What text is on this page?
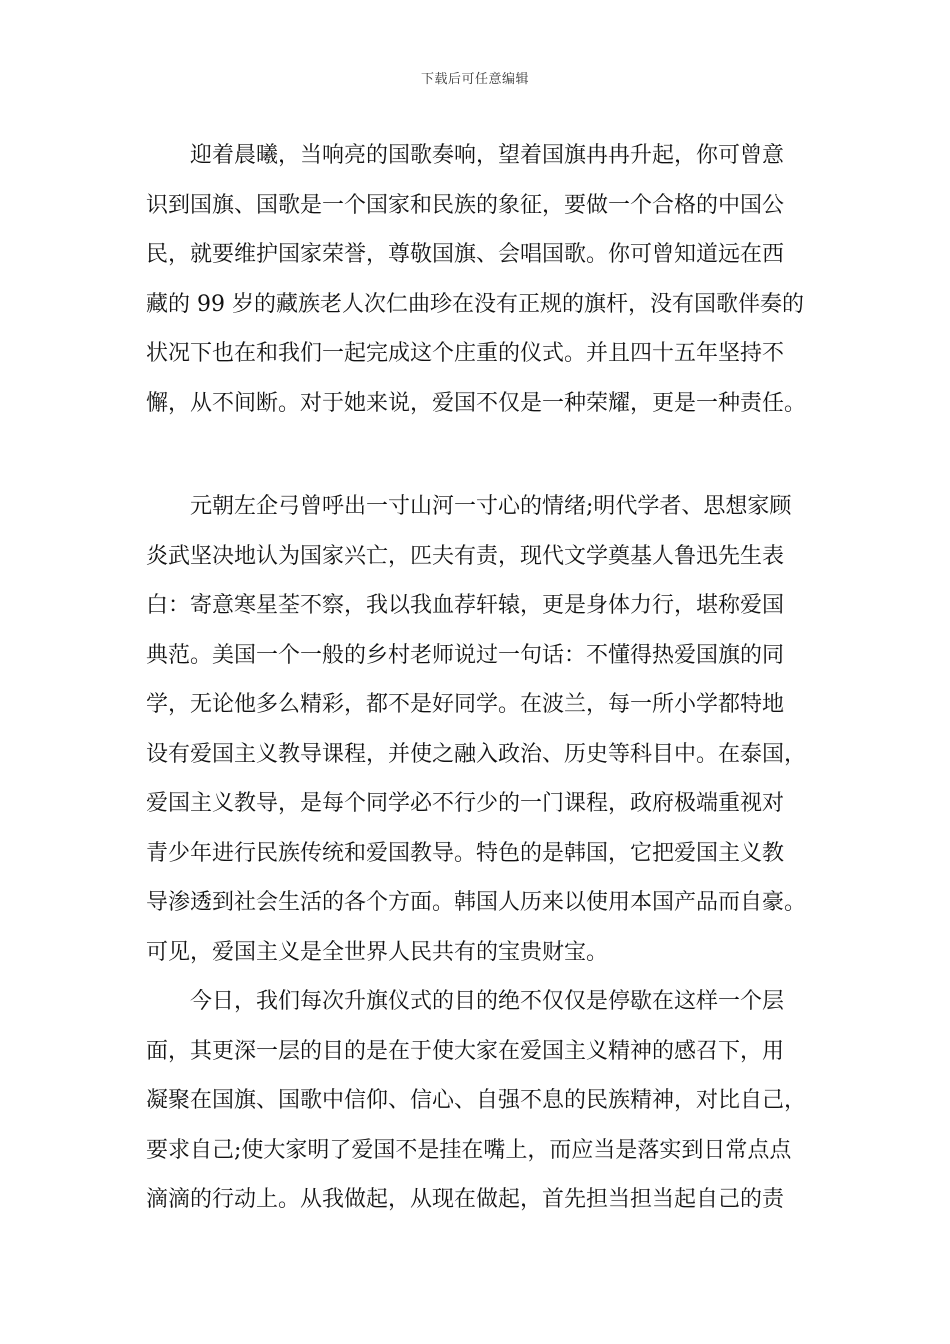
下载后可任意编辑
迎着晨曦，当响亮的国歌奏响，望着国旗冉冉升起，你可曾意
识到国旗、国歌是一个国家和民族的象征，要做一个合格的中国公
民，就要维护国家荣誉，尊敬国旗、会唱国歌。你可曾知道远在西
藏的 99 岁的藏族老人次仁曲珍在没有正规的旗杆，没有国歌伴奏的
状况下也在和我们一起完成这个庄重的仪式。并且四十五年坚持不
懈，从不间断。对于她来说，爱国不仅是一种荣耀，更是一种责任。
元朝左企弓曾呼出一寸山河一寸心的情绪;明代学者、思想家顾
炎武坚决地认为国家兴亡，匹夫有责，现代文学奠基人鲁迅先生表
白：寄意寒星荃不察，我以我血荐轩辕，更是身体力行，堪称爱国
典范。美国一个一般的乡村老师说过一句话：不懂得热爱国旗的同
学，无论他多么精彩，都不是好同学。在波兰，每一所小学都特地
设有爱国主义教导课程，并使之融入政治、历史等科目中。在泰国，
爱国主义教导，是每个同学必不行少的一门课程，政府极端重视对
青少年进行民族传统和爱国教导。特色的是韩国，它把爱国主义教
导渗透到社会生活的各个方面。韩国人历来以使用本国产品而自豪。
可见，爱国主义是全世界人民共有的宝贵财宝。
今日，我们每次升旗仪式的目的绝不仅仅是停歇在这样一个层
面，其更深一层的目的是在于使大家在爱国主义精神的感召下，用
凝聚在国旗、国歌中信仰、信心、自强不息的民族精神，对比自己，
要求自己;使大家明了爱国不是挂在嘴上，而应当是落实到日常点点
滴滴的行动上。从我做起，从现在做起，首先担当担当起自己的责
